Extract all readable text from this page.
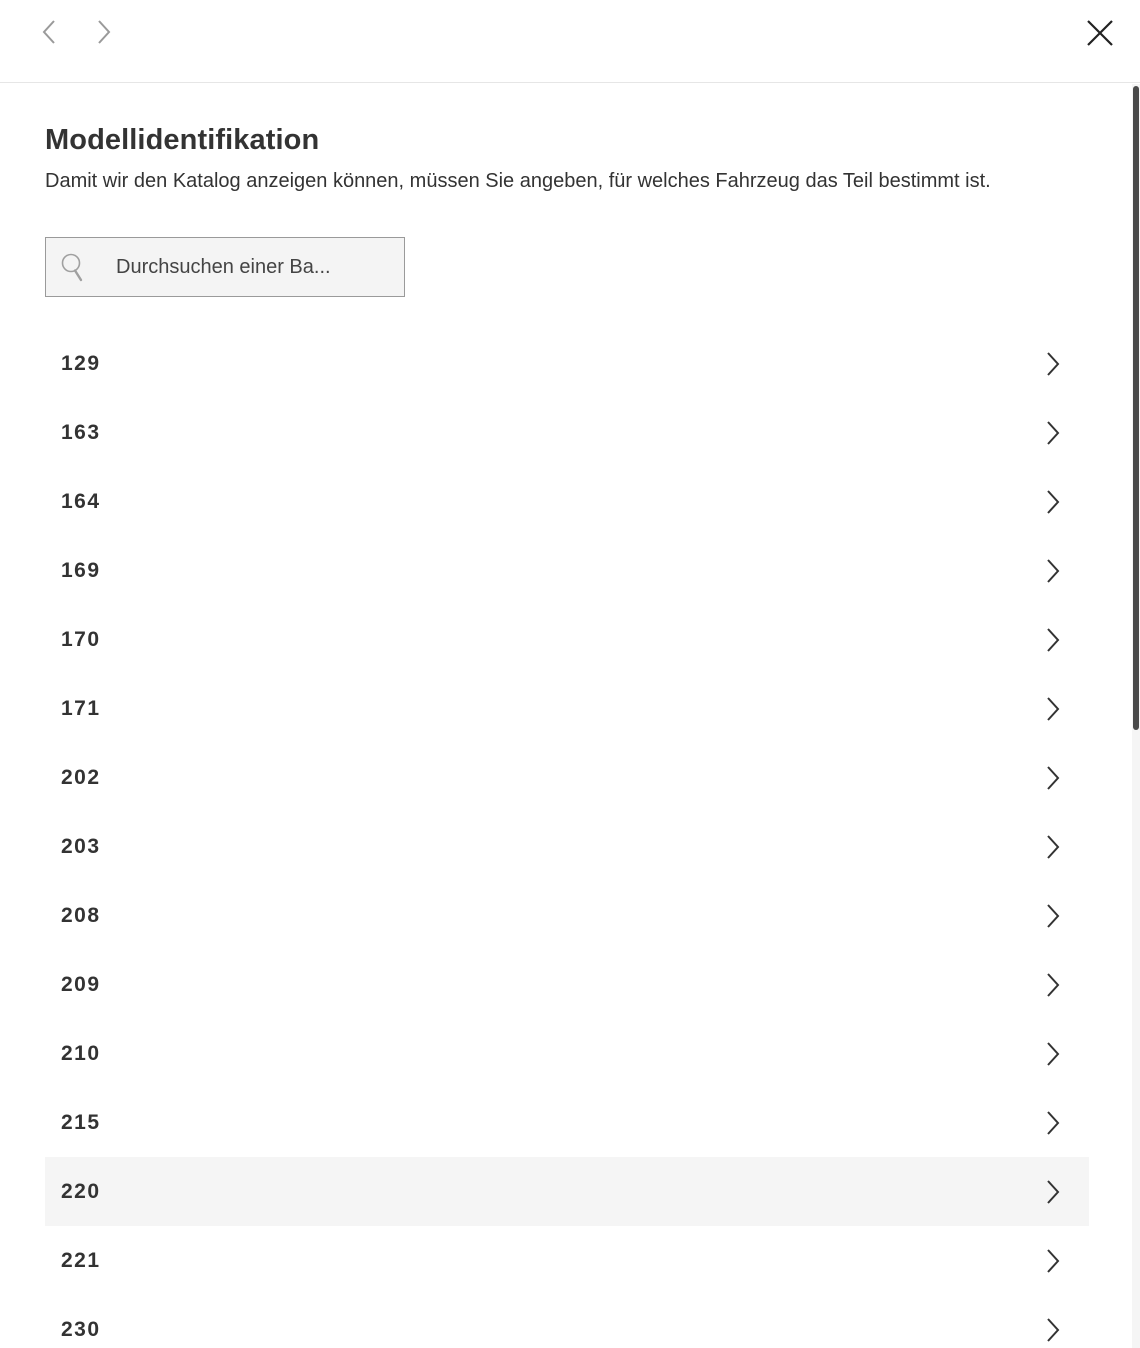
Modellidentifikation

Damit wir den Katalog anzeigen können, müssen Sie angeben, für welches Fahrzeug das Teil bestimmt ist.

Durchsuchen einer Ba...
129
163
164
169
170
171
202
203
208
209
210
215
220
221
230
